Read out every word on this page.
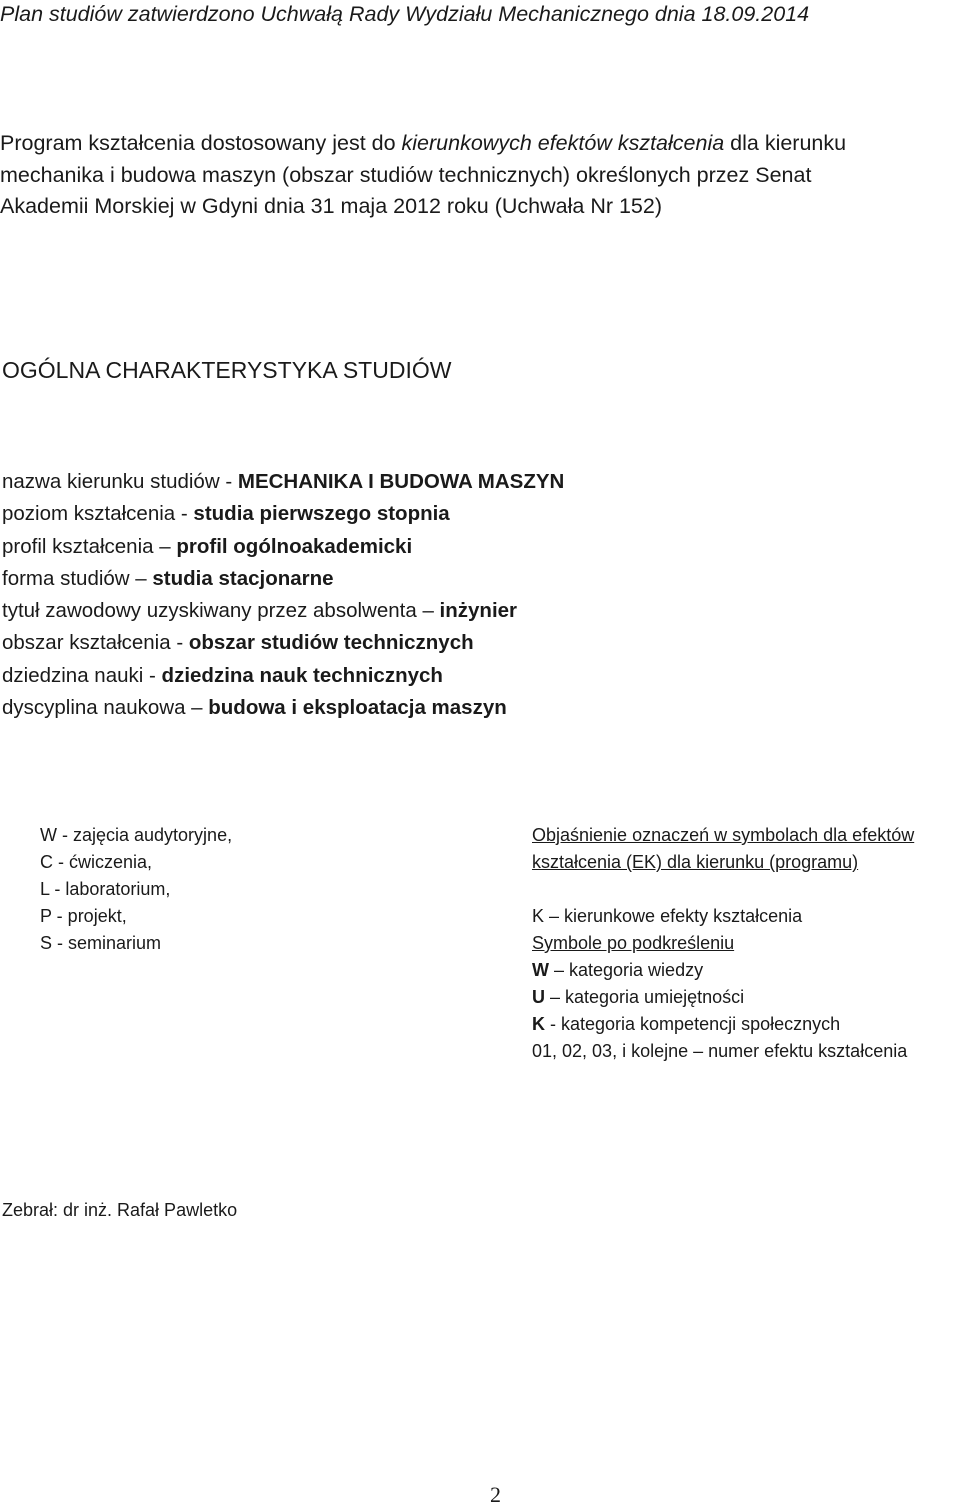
Plan studiów zatwierdzono Uchwałą Rady Wydziału Mechanicznego dnia 18.09.2014
Program kształcenia dostosowany jest do kierunkowych efektów kształcenia dla kierunku
mechanika i budowa maszyn (obszar studiów technicznych) określonych przez Senat
Akademii Morskiej w Gdyni dnia 31 maja 2012 roku (Uchwała Nr 152)
OGÓLNA CHARAKTERYSTYKA STUDIÓW
nazwa kierunku studiów - MECHANIKA I BUDOWA MASZYN
poziom kształcenia - studia pierwszego stopnia
profil kształcenia – profil ogólnoakademicki
forma studiów – studia stacjonarne
tytuł zawodowy uzyskiwany przez absolwenta – inżynier
obszar kształcenia - obszar studiów technicznych
dziedzina nauki - dziedzina nauk technicznych
dyscyplina naukowa – budowa i eksploatacja maszyn
W - zajęcia audytoryjne,
C - ćwiczenia,
L - laboratorium,
P - projekt,
S - seminarium
Objaśnienie oznaczeń w symbolach dla efektów
kształcenia (EK) dla kierunku (programu)
K – kierunkowe efekty kształcenia
Symbole po podkreśleniu
W – kategoria wiedzy
U – kategoria umiejętności
K - kategoria kompetencji społecznych
01, 02, 03, i kolejne – numer efektu kształcenia
Zebrał: dr inż. Rafał Pawletko
2
